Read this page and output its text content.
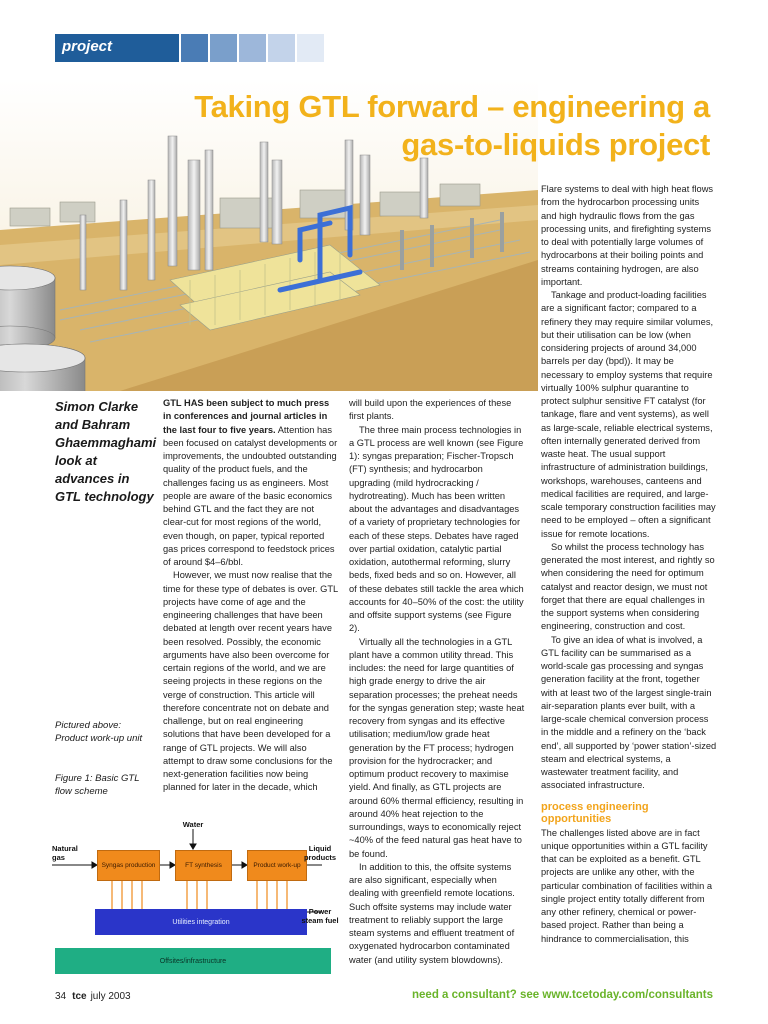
project
Taking GTL forward – engineering a
gas-to-liquids project
Simon Clarke and Bahram Ghaemmaghami look at advances in GTL technology
Pictured above: Product work-up unit
Figure 1: Basic GTL flow scheme

GTL HAS been subject to much press in conferences and journal articles in the last four to five years. Attention has been focused on catalyst developments or improvements, the undoubted outstanding quality of the product fuels, and the challenges facing us as engineers. Most people are aware of the basic economics behind GTL and the fact they are not clear-cut for most regions of the world, even though, on paper, typical reported gas prices correspond to feedstock prices of around $4–6/bbl.

However, we must now realise that the time for these type of debates is over. GTL projects have come of age and the engineering challenges that have been debated at length over recent years have been resolved. Possibly, the economic arguments have also been overcome for certain regions of the world, and we are seeing projects in these regions on the verge of construction. This article will therefore concentrate not on debate and challenge, but on real engineering solutions that have been developed for a range of GTL projects. We will also attempt to draw some conclusions for the next-generation facilities now being planned for later in the decade, which

will build upon the experiences of these first plants.

The three main process technologies in a GTL process are well known (see Figure 1): syngas preparation; Fischer-Tropsch (FT) synthesis; and hydrocarbon upgrading (mild hydrocracking / hydrotreating). Much has been written about the advantages and disadvantages of a variety of proprietary technologies for each of these steps. Debates have raged over partial oxidation, catalytic partial oxidation, autothermal reforming, slurry beds, fixed beds and so on. However, all of these debates still tackle the area which accounts for 40–50% of the cost: the utility and offsite support systems (see Figure 2).

Virtually all the technologies in a GTL plant have a common utility thread. This includes: the need for large quantities of high grade energy to drive the air separation processes; the preheat needs for the syngas generation step; waste heat recovery from syngas and its effective utilisation; medium/low grade heat generation by the FT process; hydrogen provision for the hydrocracker; and optimum product recovery to maximise yield. And finally, as GTL projects are around 60% thermal efficiency, resulting in around 40% heat rejection to the surroundings, ways to economically reject ~40% of the feed natural gas heat have to be found.

In addition to this, the offsite systems are also significant, especially when dealing with greenfield remote locations. Such offsite systems may include water treatment to reliably support the large steam systems and effluent treatment of oxygenated hydrocarbon contaminated water (and utility system blowdowns).

Flare systems to deal with high heat flows from the hydrocarbon processing units and high hydraulic flows from the gas processing units, and firefighting systems to deal with potentially large volumes of hydrocarbons at their boiling points and streams containing hydrogen, are also important.

Tankage and product-loading facilities are a significant factor; compared to a refinery they may require similar volumes, but their utilisation can be low (when considering projects of around 34,000 barrels per day (bpd)). It may be necessary to employ systems that require virtually 100% sulphur quarantine to protect sulphur sensitive FT catalyst (for tankage, flare and vent systems), as well as large-scale, reliable electrical systems, often internally generated derived from waste heat. The usual support infrastructure of administration buildings, workshops, warehouses, canteens and medical facilities are required, and large-scale temporary construction facilities may need to be employed – often a significant issue for remote locations.

So whilst the process technology has generated the most interest, and rightly so when considering the need for optimum catalyst and reactor design, we must not forget that there are equal challenges in the support systems when considering engineering, construction and cost.

To give an idea of what is involved, a GTL facility can be summarised as a world-scale gas processing and syngas generation facility at the front, together with at least two of the largest single-train air-separation plants ever built, with a large-scale chemical conversion process in the middle and a refinery on the ‘back end’, all supported by ‘power station’-sized steam and electrical systems, a wastewater treatment facility, and associated infrastructure.

process engineering opportunities

The challenges listed above are in fact unique opportunities within a GTL facility that can be exploited as a benefit. GTL projects are unlike any other, with the particular combination of facilities within a single project entity totally different from any other refinery, chemical or power-based project. Rather than being a hindrance to commercialisation, this

Water
Natural gas
Syngas production	FT synthesis	Product work-up
Liquid products
Utilities integration
Power steam fuel
Offsites/infrastructure
34 tce july 2003	need a consultant? see www.tcetoday.com/consultants
